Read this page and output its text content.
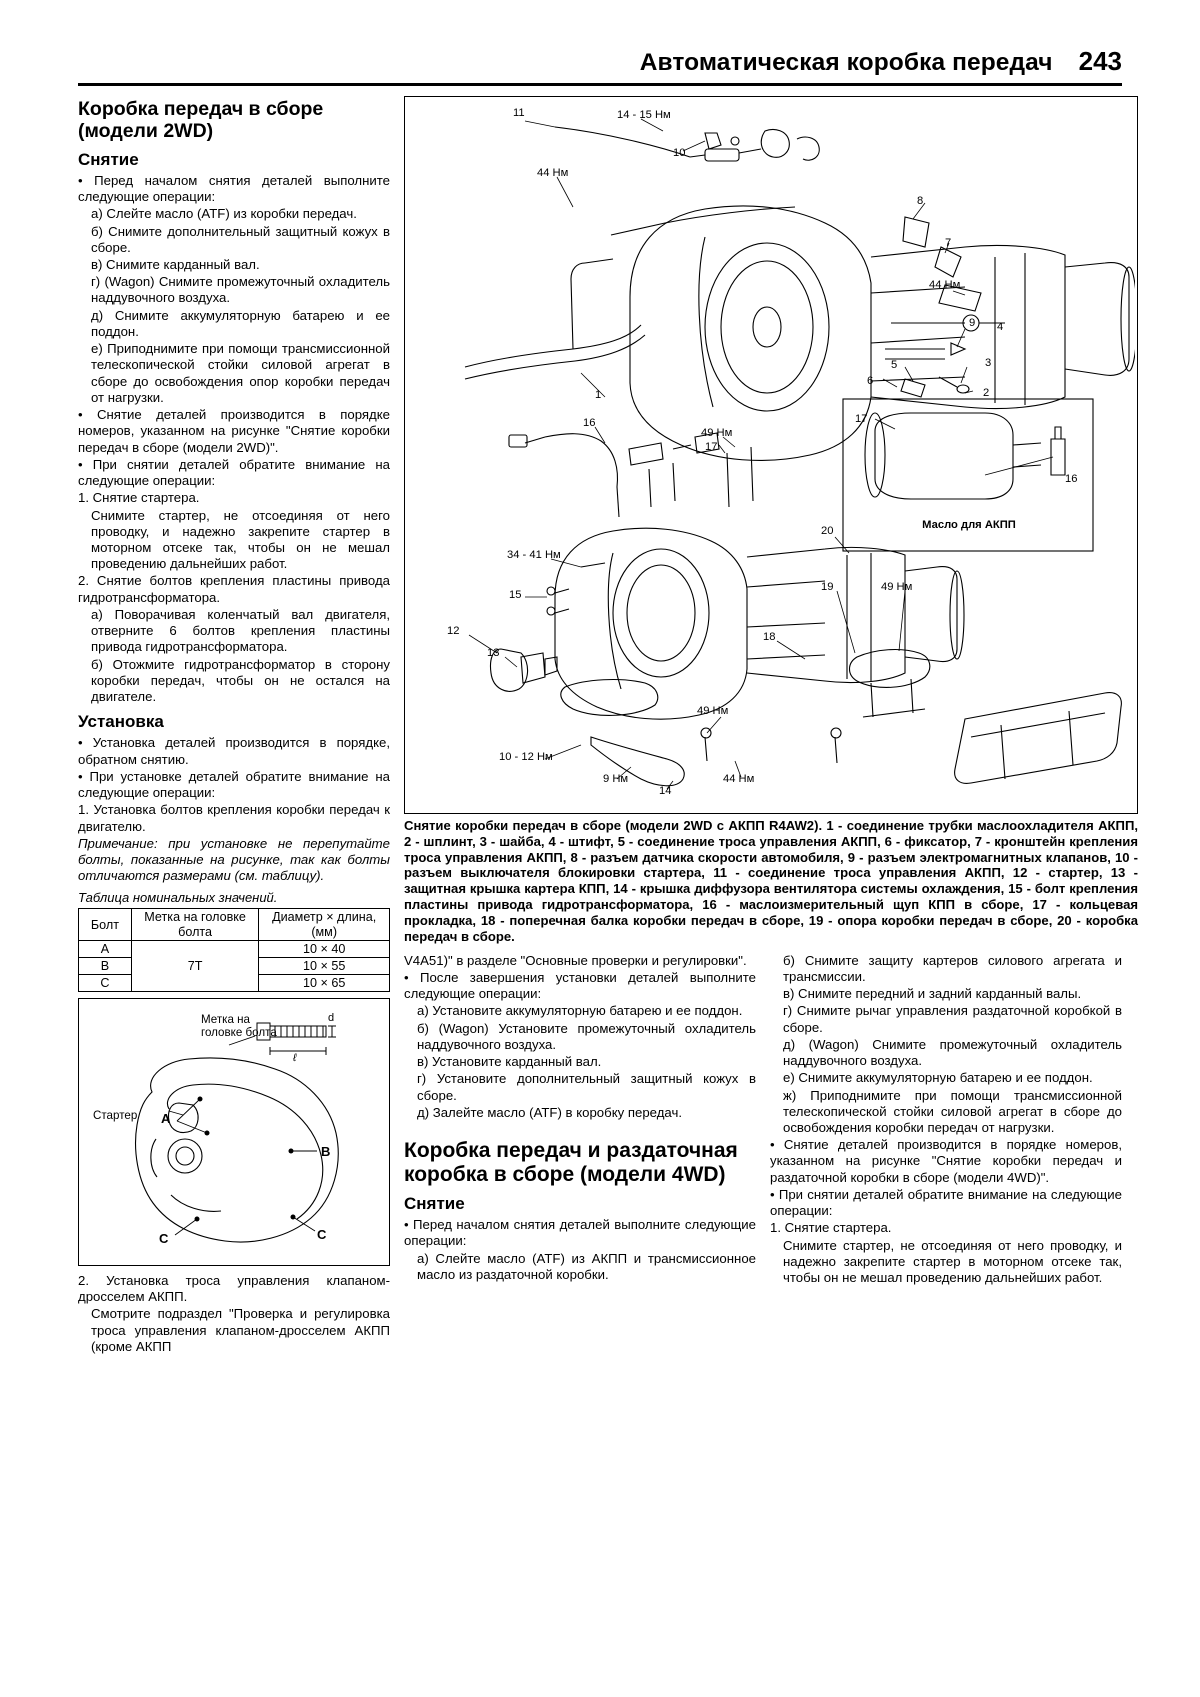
Автоматическая коробка передач 243
Коробка передач в сборе (модели 2WD)
Снятие

• Перед началом снятия деталей выполните следующие операции:

а) Слейте масло (ATF) из коробки передач.

б) Снимите дополнительный защитный кожух в сборе.

в) Снимите карданный вал.

г) (Wagon) Снимите промежуточный охладитель наддувочного воздуха.

д) Снимите аккумуляторную батарею и ее поддон.

е) Приподнимите при помощи трансмиссионной телескопической стойки силовой агрегат в сборе до освобождения опор коробки передач от нагрузки.

• Снятие деталей производится в порядке номеров, указанном на рисунке "Снятие коробки передач в сборе (модели 2WD)".

• При снятии деталей обратите внимание на следующие операции:

1. Снятие стартера.

Снимите стартер, не отсоединяя от него проводку, и надежно закрепите стартер в моторном отсеке так, чтобы он не мешал проведению дальнейших работ.

2. Снятие болтов крепления пластины привода гидротрансформатора.

а) Поворачивая коленчатый вал двигателя, отверните 6 болтов крепления пластины привода гидротрансформатора.

б) Отожмите гидротрансформатор в сторону коробки передач, чтобы он не остался на двигателе.

Установка

• Установка деталей производится в порядке, обратном снятию.

• При установке деталей обратите внимание на следующие операции:

1. Установка болтов крепления коробки передач к двигателю.

Примечание: при установке не перепутайте болты, показанные на рисунке, так как болты отличаются размерами (см. таблицу).

Таблица номинальных значений.
Болт	Метка на головке болта	Диаметр × длина, (мм)
A	7T	10 × 40
B		10 × 55
C		10 × 65
d
ℓ
Метка на головке болта
Стартер A
B
C	C

2. Установка троса управления клапаном-дросселем АКПП.

Смотрите подраздел "Проверка и регулировка троса управления клапаном-дросселем АКПП (кроме АКПП

11	14 - 15 Нм
10
44 Нм
8
7
44 Нм
9 4
5
6
3
2
1
16
17
49 Нм
34 - 41 Нм
15
12
13
18
19	49 Нм
20
10 - 12 Нм
9 Нм
14
49 Нм
44 Нм
17
16
Масло для АКПП
Снятие коробки передач в сборе (модели 2WD с АКПП R4AW2). 1 - соединение трубки маслоохладителя АКПП, 2 - шплинт, 3 - шайба, 4 - штифт, 5 - соединение троса управления АКПП, 6 - фиксатор, 7 - кронштейн крепления троса управления АКПП, 8 - разъем датчика скорости автомобиля, 9 - разъем электромагнитных клапанов, 10 - разъем выключателя блокировки стартера, 11 - соединение троса управления АКПП, 12 - стартер, 13 - защитная крышка картера КПП, 14 - крышка диффузора вентилятора системы охлаждения, 15 - болт крепления пластины привода гидротрансформатора, 16 - маслоизмерительный щуп КПП в сборе, 17 - кольцевая прокладка, 18 - поперечная балка коробки передач в сборе, 19 - опора коробки передач в сборе, 20 - коробка передач в сборе.

V4A51)" в разделе "Основные проверки и регулировки".

• После завершения установки деталей выполните следующие операции:

а) Установите аккумуляторную батарею и ее поддон.

б) (Wagon) Установите промежуточный охладитель наддувочного воздуха.

в) Установите карданный вал.

г) Установите дополнительный защитный кожух в сборе.

д) Залейте масло (ATF) в коробку передач.

Коробка передач и раздаточная коробка в сборе (модели 4WD)
Снятие

• Перед началом снятия деталей выполните следующие операции:

а) Слейте масло (ATF) из АКПП и трансмиссионное масло из раздаточной коробки.

б) Снимите защиту картеров силового агрегата и трансмиссии.

в) Снимите передний и задний карданный валы.

г) Снимите рычаг управления раздаточной коробкой в сборе.

д) (Wagon) Снимите промежуточный охладитель наддувочного воздуха.

е) Снимите аккумуляторную батарею и ее поддон.

ж) Приподнимите при помощи трансмиссионной телескопической стойки силовой агрегат в сборе до освобождения коробки передач от нагрузки.

• Снятие деталей производится в порядке номеров, указанном на рисунке "Снятие коробки передач и раздаточной коробки в сборе (модели 4WD)".

• При снятии деталей обратите внимание на следующие операции:

1. Снятие стартера.

Снимите стартер, не отсоединяя от него проводку, и надежно закрепите стартер в моторном отсеке так, чтобы он не мешал проведению дальнейших работ.
